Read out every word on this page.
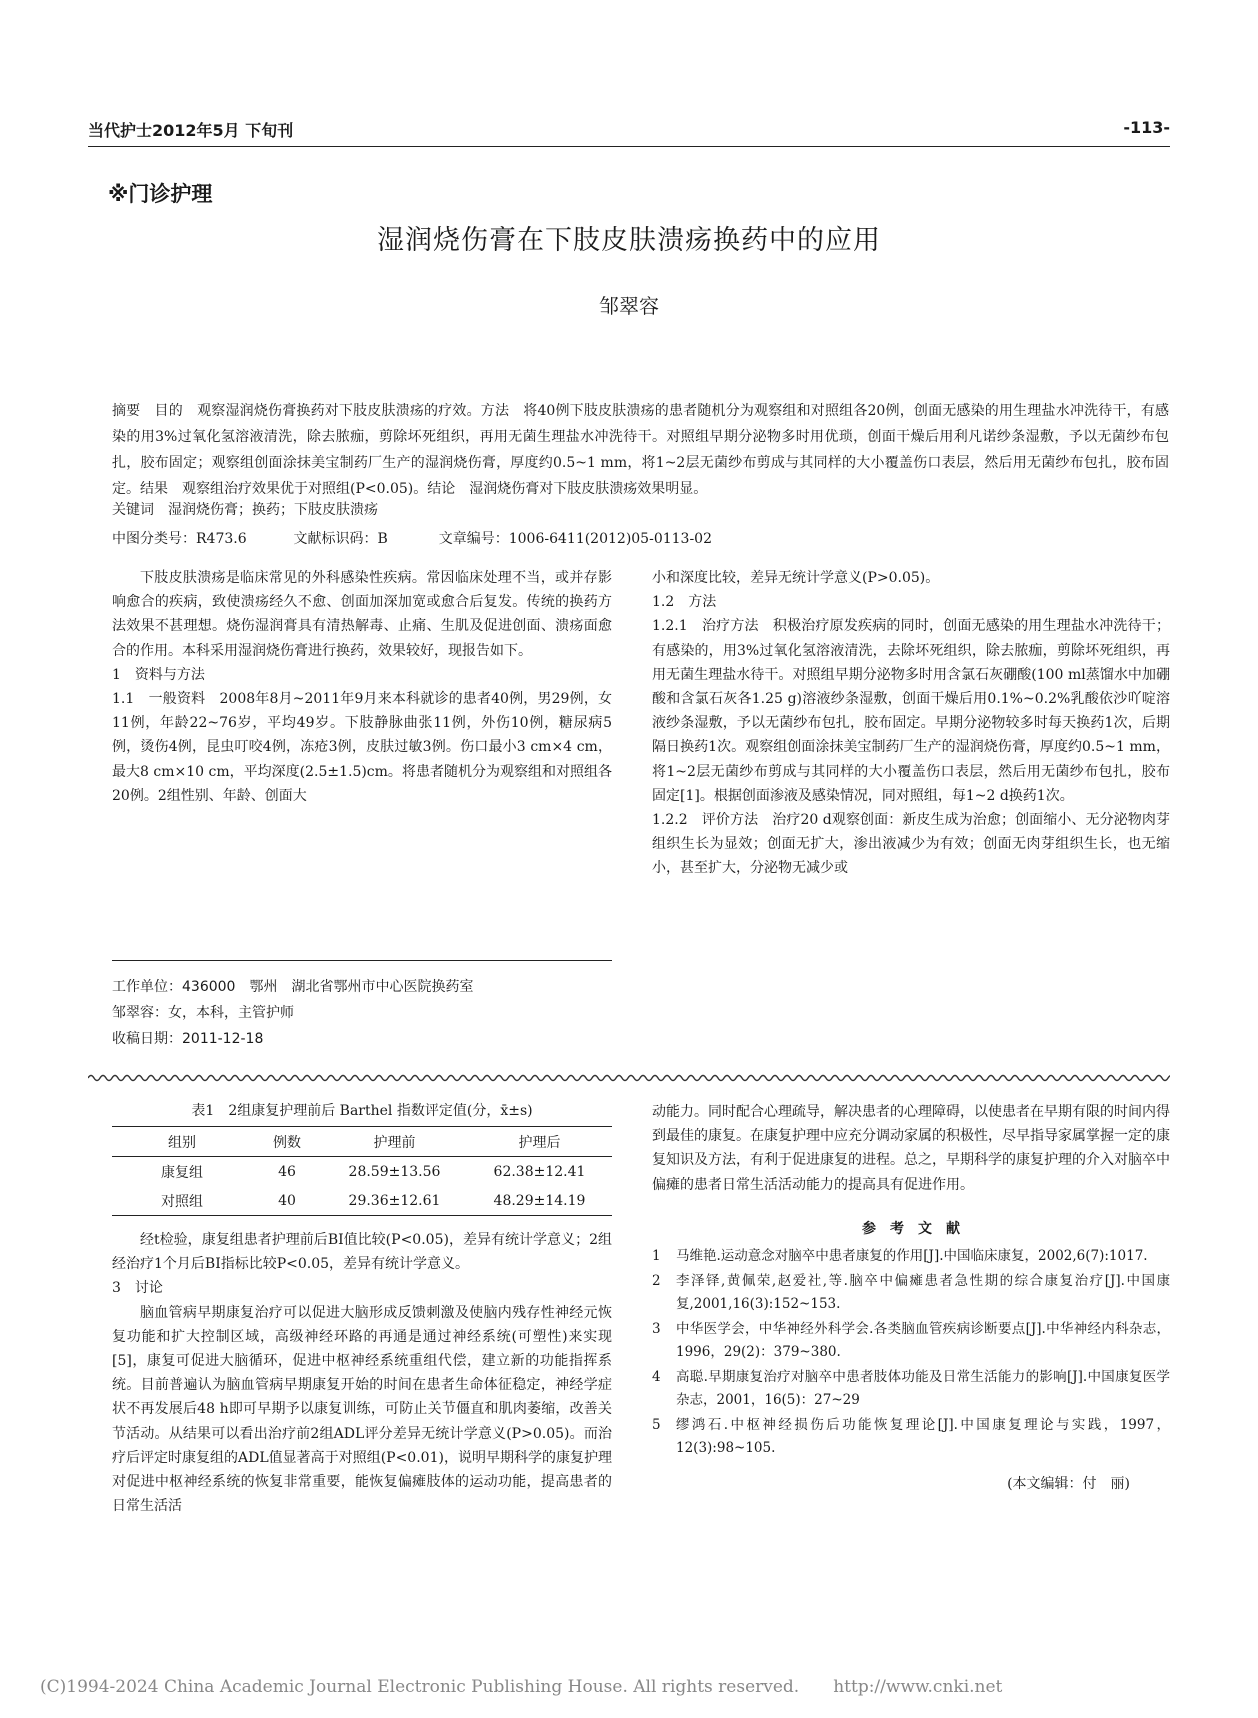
当代护士2012年5月 下旬刊	-113-
※门诊护理
湿润烧伤膏在下肢皮肤溃疡换药中的应用
邹翠容
摘要　目的　观察湿润烧伤膏换药对下肢皮肤溃疡的疗效。方法　将40例下肢皮肤溃疡的患者随机分为观察组和对照组各20例，创面无感染的用生理盐水冲洗待干，有感染的用3%过氧化氢溶液清洗，除去脓痂，剪除坏死组织，再用无菌生理盐水冲洗待干。对照组早期分泌物多时用优琐，创面干燥后用利凡诺纱条湿敷，予以无菌纱布包扎，胶布固定；观察组创面涂抹美宝制药厂生产的湿润烧伤膏，厚度约0.5~1 mm，将1~2层无菌纱布剪成与其同样的大小覆盖伤口表层，然后用无菌纱布包扎，胶布固定。结果　观察组治疗效果优于对照组(P<0.05)。结论　湿润烧伤膏对下肢皮肤溃疡效果明显。
关键词　湿润烧伤膏；换药；下肢皮肤溃疡
中图分类号：R473.6	文献标识码：B	文章编号：1006-6411(2012)05-0113-02

下肢皮肤溃疡是临床常见的外科感染性疾病。常因临床处理不当，或并存影响愈合的疾病，致使溃疡经久不愈、创面加深加宽或愈合后复发。传统的换药方法效果不甚理想。烧伤湿润膏具有清热解毒、止痛、生肌及促进创面、溃疡面愈合的作用。本科采用湿润烧伤膏进行换药，效果较好，现报告如下。

1　资料与方法

1.1　一般资料　2008年8月~2011年9月来本科就诊的患者40例，男29例，女11例，年龄22~76岁，平均49岁。下肢静脉曲张11例，外伤10例，糖尿病5例，烫伤4例，昆虫叮咬4例，冻疮3例，皮肤过敏3例。伤口最小3 cm×4 cm，最大8 cm×10 cm，平均深度(2.5±1.5)cm。将患者随机分为观察组和对照组各20例。2组性别、年龄、创面大

工作单位：436000　鄂州　湖北省鄂州市中心医院换药室
邹翠容：女，本科，主管护师
收稿日期：2011-12-18

小和深度比较，差异无统计学意义(P>0.05)。

1.2　方法

1.2.1　治疗方法　积极治疗原发疾病的同时，创面无感染的用生理盐水冲洗待干；有感染的，用3%过氧化氢溶液清洗，去除坏死组织，除去脓痂，剪除坏死组织，再用无菌生理盐水待干。对照组早期分泌物多时用含氯石灰硼酸(100 ml蒸馏水中加硼酸和含氯石灰各1.25 g)溶液纱条湿敷，创面干燥后用0.1%~0.2%乳酸依沙吖啶溶液纱条湿敷，予以无菌纱布包扎，胶布固定。早期分泌物较多时每天换药1次，后期隔日换药1次。观察组创面涂抹美宝制药厂生产的湿润烧伤膏，厚度约0.5~1 mm，将1~2层无菌纱布剪成与其同样的大小覆盖伤口表层，然后用无菌纱布包扎，胶布固定[1]。根据创面渗液及感染情况，同对照组，每1~2 d换药1次。

1.2.2　评价方法　治疗20 d观察创面：新皮生成为治愈；创面缩小、无分泌物肉芽组织生长为显效；创面无扩大，渗出液减少为有效；创面无肉芽组织生长，也无缩小，甚至扩大，分泌物无减少或

表1　2组康复护理前后 Barthel 指数评定值(分，x̄±s)
组别	例数	护理前	护理后
康复组	46	28.59±13.56	62.38±12.41
对照组	40	29.36±12.61	48.29±14.19

经t检验，康复组患者护理前后BI值比较(P<0.05)，差异有统计学意义；2组经治疗1个月后BI指标比较P<0.05，差异有统计学意义。

3　讨论

脑血管病早期康复治疗可以促进大脑形成反馈刺激及使脑内残存性神经元恢复功能和扩大控制区域，高级神经环路的再通是通过神经系统(可塑性)来实现[5]，康复可促进大脑循环，促进中枢神经系统重组代偿，建立新的功能指挥系统。目前普遍认为脑血管病早期康复开始的时间在患者生命体征稳定，神经学症状不再发展后48 h即可早期予以康复训练，可防止关节僵直和肌肉萎缩，改善关节活动。从结果可以看出治疗前2组ADL评分差异无统计学意义(P>0.05)。而治疗后评定时康复组的ADL值显著高于对照组(P<0.01)，说明早期科学的康复护理对促进中枢神经系统的恢复非常重要，能恢复偏瘫肢体的运动功能，提高患者的日常生活活

动能力。同时配合心理疏导，解决患者的心理障碍，以使患者在早期有限的时间内得到最佳的康复。在康复护理中应充分调动家属的积极性，尽早指导家属掌握一定的康复知识及方法，有利于促进康复的进程。总之，早期科学的康复护理的介入对脑卒中偏瘫的患者日常生活活动能力的提高具有促进作用。

参　考　文　献
1	马维艳.运动意念对脑卒中患者康复的作用[J].中国临床康复，2002,6(7):1017.
2	李泽铎,黄佩荣,赵爱社,等.脑卒中偏瘫患者急性期的综合康复治疗[J].中国康复,2001,16(3):152~153.
3	中华医学会，中华神经外科学会.各类脑血管疾病诊断要点[J].中华神经内科杂志，1996，29(2)：379~380.
4	高聪.早期康复治疗对脑卒中患者肢体功能及日常生活能力的影响[J].中国康复医学杂志，2001，16(5)：27~29
5	缪鸿石.中枢神经损伤后功能恢复理论[J].中国康复理论与实践，1997，12(3):98~105.
(本文编辑：付　丽)
(C)1994-2024 China Academic Journal Electronic Publishing House. All rights reserved.　　http://www.cnki.net
